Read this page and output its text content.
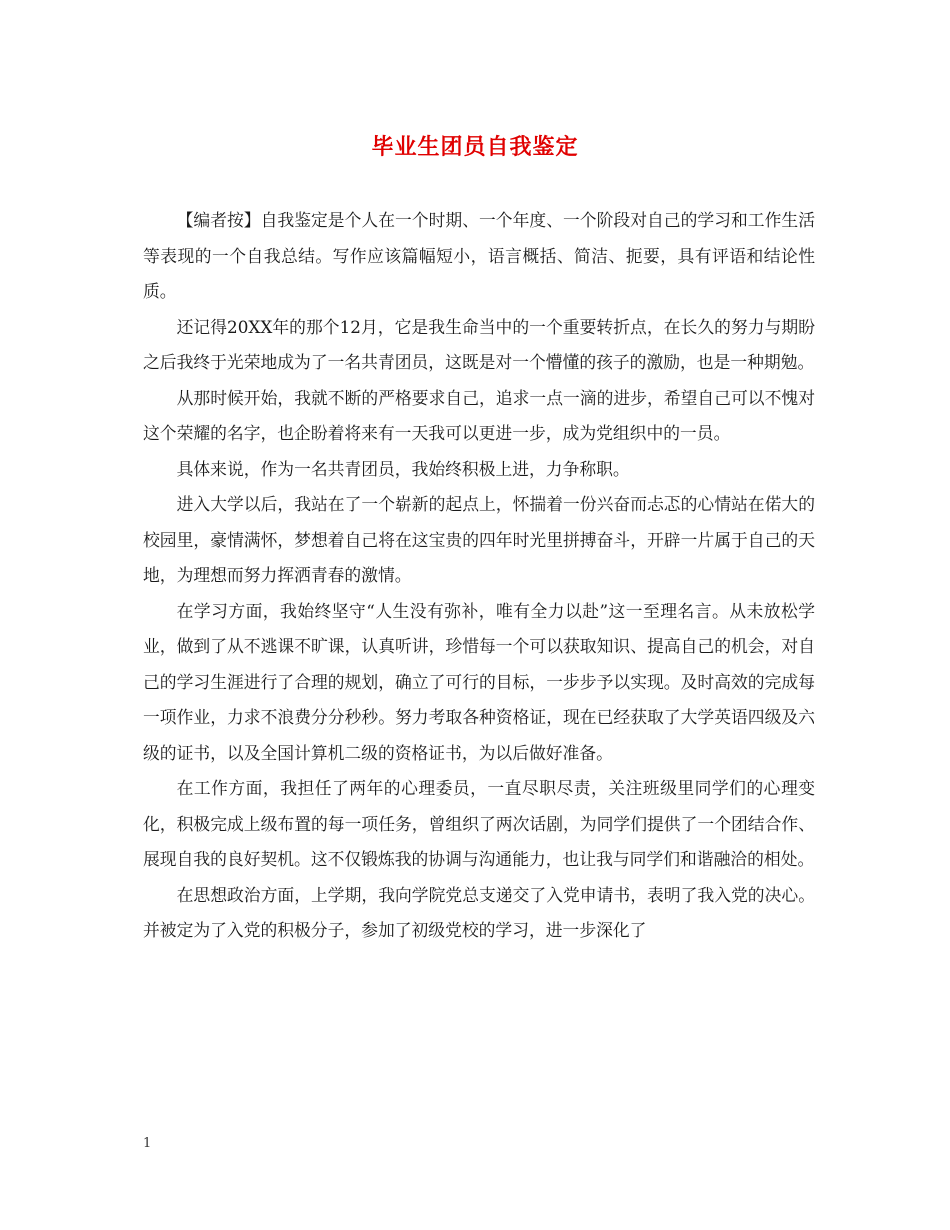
毕业生团员自我鉴定

【编者按】自我鉴定是个人在一个时期、一个年度、一个阶段对自己的学习和工作生活等表现的一个自我总结。写作应该篇幅短小，语言概括、简洁、扼要，具有评语和结论性质。

还记得20XX年的那个12月，它是我生命当中的一个重要转折点，在长久的努力与期盼之后我终于光荣地成为了一名共青团员，这既是对一个懵懂的孩子的激励，也是一种期勉。

从那时候开始，我就不断的严格要求自己，追求一点一滴的进步，希望自己可以不愧对这个荣耀的名字，也企盼着将来有一天我可以更进一步，成为党组织中的一员。

具体来说，作为一名共青团员，我始终积极上进，力争称职。

进入大学以后，我站在了一个崭新的起点上，怀揣着一份兴奋而忐忑的心情站在偌大的校园里，豪情满怀，梦想着自己将在这宝贵的四年时光里拼搏奋斗，开辟一片属于自己的天地，为理想而努力挥洒青春的激情。

在学习方面，我始终坚守“人生没有弥补，唯有全力以赴”这一至理名言。从未放松学业，做到了从不逃课不旷课，认真听讲，珍惜每一个可以获取知识、提高自己的机会，对自己的学习生涯进行了合理的规划，确立了可行的目标，一步步予以实现。及时高效的完成每一项作业，力求不浪费分分秒秒。努力考取各种资格证，现在已经获取了大学英语四级及六级的证书，以及全国计算机二级的资格证书，为以后做好准备。

在工作方面，我担任了两年的心理委员，一直尽职尽责，关注班级里同学们的心理变化，积极完成上级布置的每一项任务，曾组织了两次话剧，为同学们提供了一个团结合作、展现自我的良好契机。这不仅锻炼我的协调与沟通能力，也让我与同学们和谐融洽的相处。

在思想政治方面，上学期，我向学院党总支递交了入党申请书，表明了我入党的决心。并被定为了入党的积极分子，参加了初级党校的学习，进一步深化了

1
